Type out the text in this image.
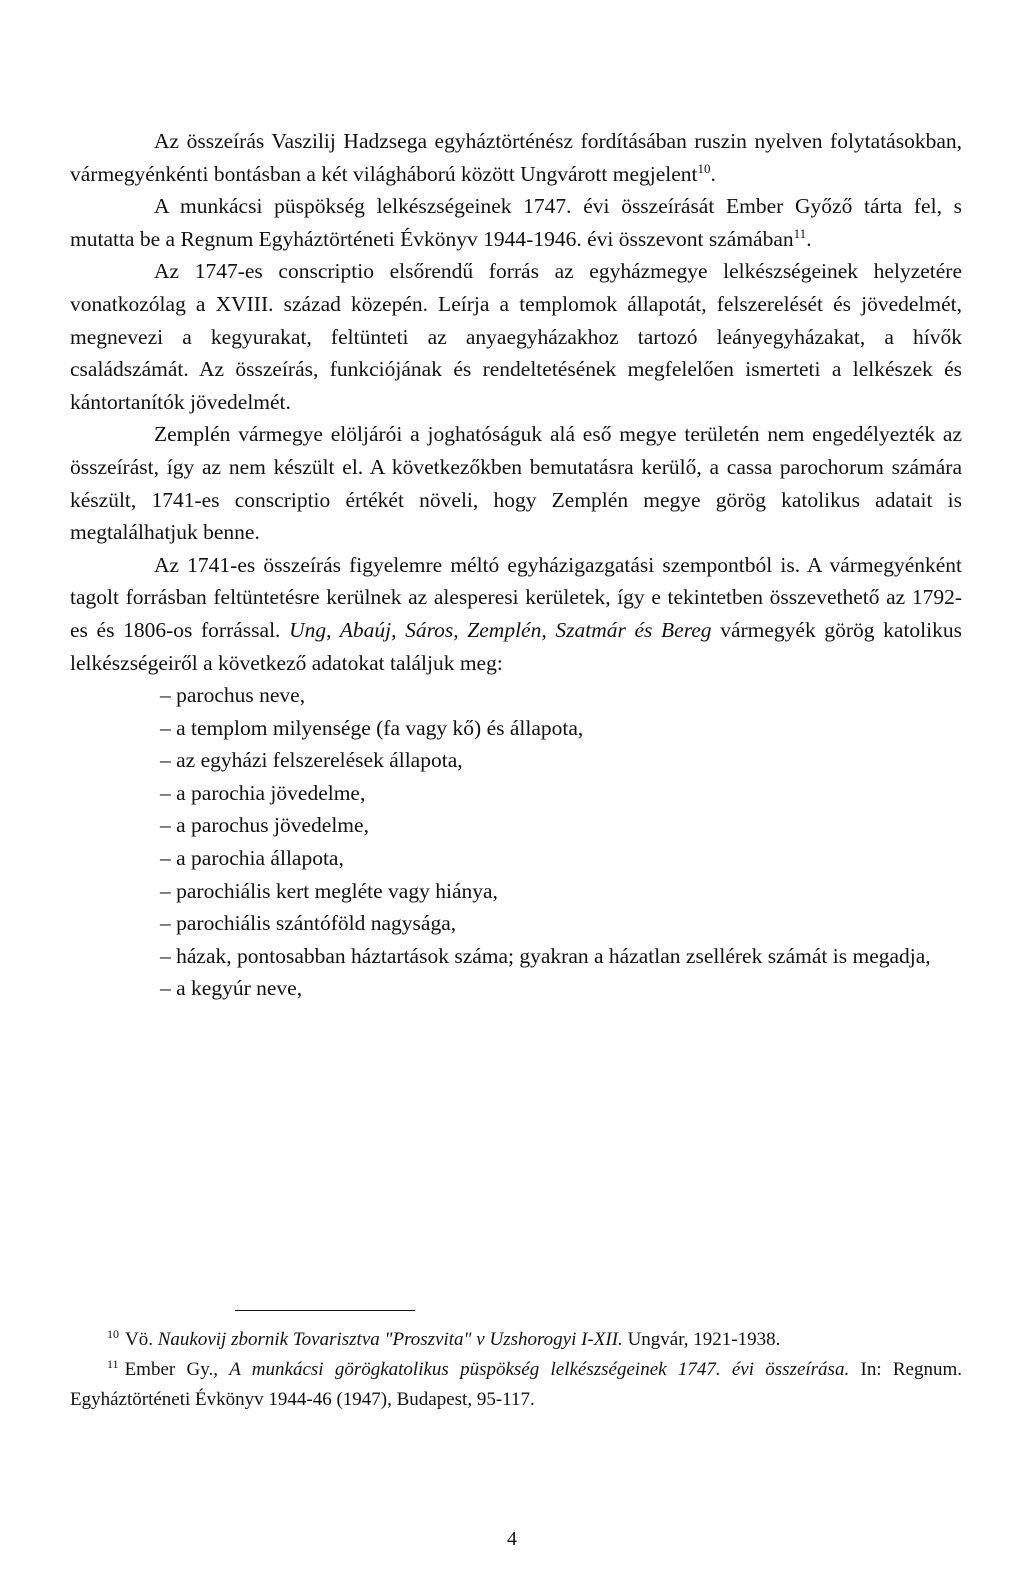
Az összeírás Vaszilij Hadzsega egyháztörténész fordításában ruszin nyelven folytatásokban, vármegyénkénti bontásban a két világháború között Ungvárott megjelent$^{10}$.

A munkácsi püspökség lelkészségeinek 1747. évi összeírását Ember Győző tárta fel, s mutatta be a Regnum Egyháztörténeti Évkönyv 1944-1946. évi összevont számában$^{11}$.

Az 1747-es conscriptio elsőrendű forrás az egyházmegye lelkészségeinek helyzetére vonatkozólag a XVIII. század közepén. Leírja a templomok állapotát, felszerelését és jövedelmét, megnevezi a kegyurakat, feltünteti az anyaegyházakhoz tartozó leányegyházakat, a hívők családszámát. Az összeírás, funkciójának és rendeltetésének megfelelően ismerteti a lelkészek és kántortanítók jövedelmét.

Zemplén vármegye elöljárói a joghatóságuk alá eső megye területén nem engedélyezték az összeírást, így az nem készült el. A következőkben bemutatásra kerülő, a cassa parochorum számára készült, 1741-es conscriptio értékét növeli, hogy Zemplén megye görög katolikus adatait is megtalálhatjuk benne.

Az 1741-es összeírás figyelemre méltó egyházigazgatási szempontból is. A vármegyénként tagolt forrásban feltüntetésre kerülnek az alesperesi kerületek, így e tekintetben összevethető az 1792-es és 1806-os forrással. Ung, Abaúj, Sáros, Zemplén, Szatmár és Bereg vármegyék görög katolikus lelkészségeiről a következő adatokat találjuk meg:

– parochus neve,
– a templom milyensége (fa vagy kő) és állapota,
– az egyházi felszerelések állapota,
– a parochia jövedelme,
– a parochus jövedelme,
– a parochia állapota,
– parochiális kert megléte vagy hiánya,
– parochiális szántóföld nagysága,
– házak, pontosabban háztartások száma; gyakran a házatlan zsellérek számát is megadja,
– a kegyúr neve,

$^{10}$ Vö. Naukovij zbornik Tovarisztva "Proszvita" v Uzshorogyi I-XII. Ungvár, 1921-1938.

$^{11}$ Ember Gy., A munkácsi görögkatolikus püspökség lelkészségeinek 1747. évi összeírása. In: Regnum. Egyháztörténeti Évkönyv 1944-46 (1947), Budapest, 95-117.

4
